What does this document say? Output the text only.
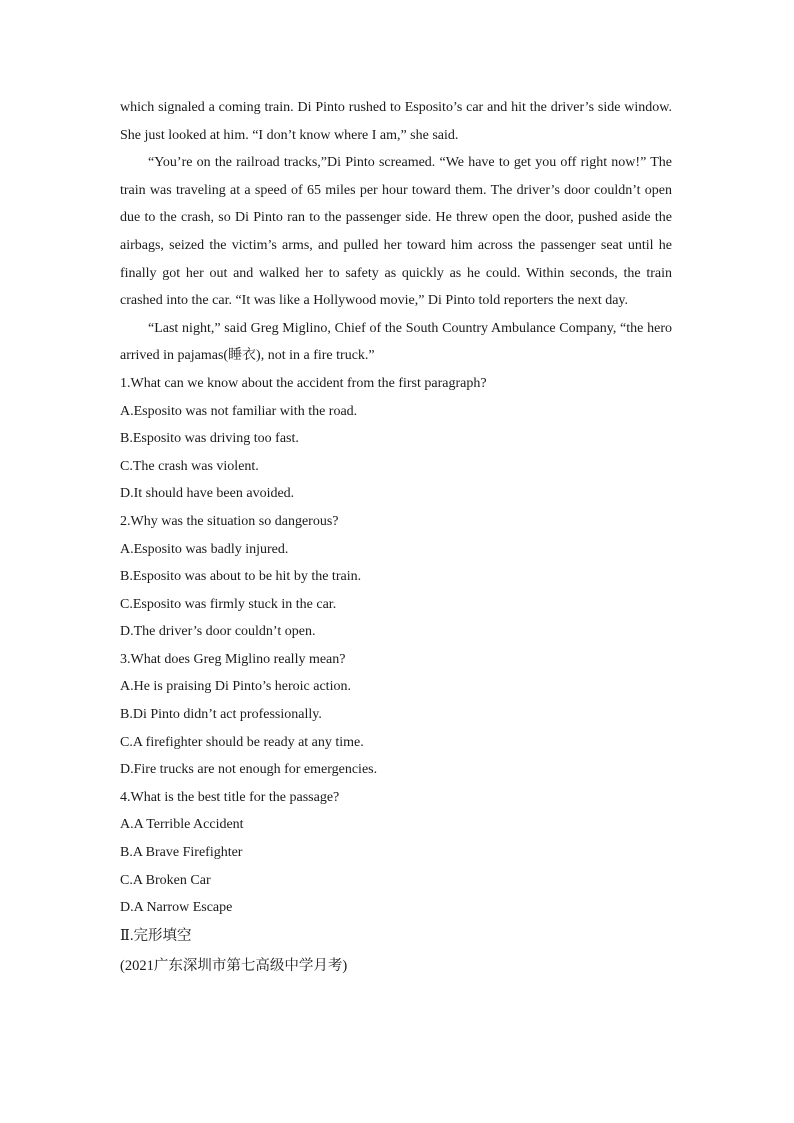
which signaled a coming train. Di Pinto rushed to Esposito’s car and hit the driver’s side window. She just looked at him. “I don’t know where I am,” she said.

“You’re on the railroad tracks,”Di Pinto screamed. “We have to get you off right now!” The train was traveling at a speed of 65 miles per hour toward them. The driver’s door couldn’t open due to the crash, so Di Pinto ran to the passenger side. He threw open the door, pushed aside the airbags, seized the victim’s arms, and pulled her toward him across the passenger seat until he finally got her out and walked her to safety as quickly as he could. Within seconds, the train crashed into the car. “It was like a Hollywood movie,” Di Pinto told reporters the next day.

“Last night,” said Greg Miglino, Chief of the South Country Ambulance Company, “the hero arrived in pajamas(睡衣), not in a fire truck.”

1.What can we know about the accident from the first paragraph?

A.Esposito was not familiar with the road.

B.Esposito was driving too fast.

C.The crash was violent.

D.It should have been avoided.

2.Why was the situation so dangerous?

A.Esposito was badly injured.

B.Esposito was about to be hit by the train.

C.Esposito was firmly stuck in the car.

D.The driver’s door couldn’t open.

3.What does Greg Miglino really mean?

A.He is praising Di Pinto’s heroic action.

B.Di Pinto didn’t act professionally.

C.A firefighter should be ready at any time.

D.Fire trucks are not enough for emergencies.

4.What is the best title for the passage?

A.A Terrible Accident

B.A Brave Firefighter

C.A Broken Car

D.A Narrow Escape

Ⅱ.完形填空

(2021广东深圳市第七高级中学月考)
